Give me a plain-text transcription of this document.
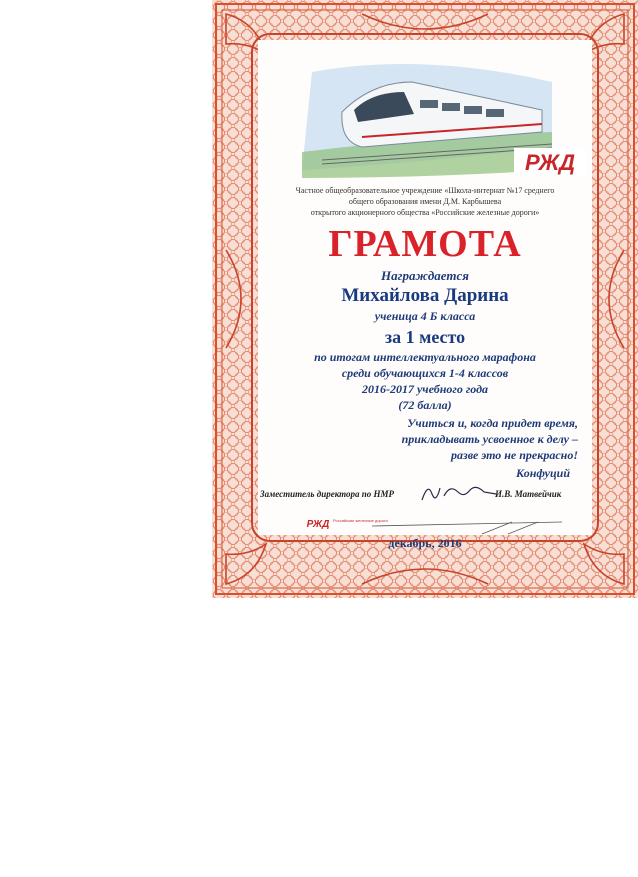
РЖД
Частное общеобразовательное учреждение «Школа-интернат №17 среднего
общего образования имени Д.М. Карбышева
открытого акционерного общества «Российские железные дороги»
ГРАМОТА
Награждается
Михайлова Дарина
ученица 4 Б класса
за 1 место
по итогам интеллектуального марафона
среди обучающихся 1-4 классов
2016-2017 учебного года
(72 балла)
Учиться и, когда придет время,
прикладывать усвоенное к делу –
разве это не прекрасно!
Конфуций
Заместитель директора по НМР	И.В. Матвейчик
РЖД Российские железные дороги
декабрь, 2016
